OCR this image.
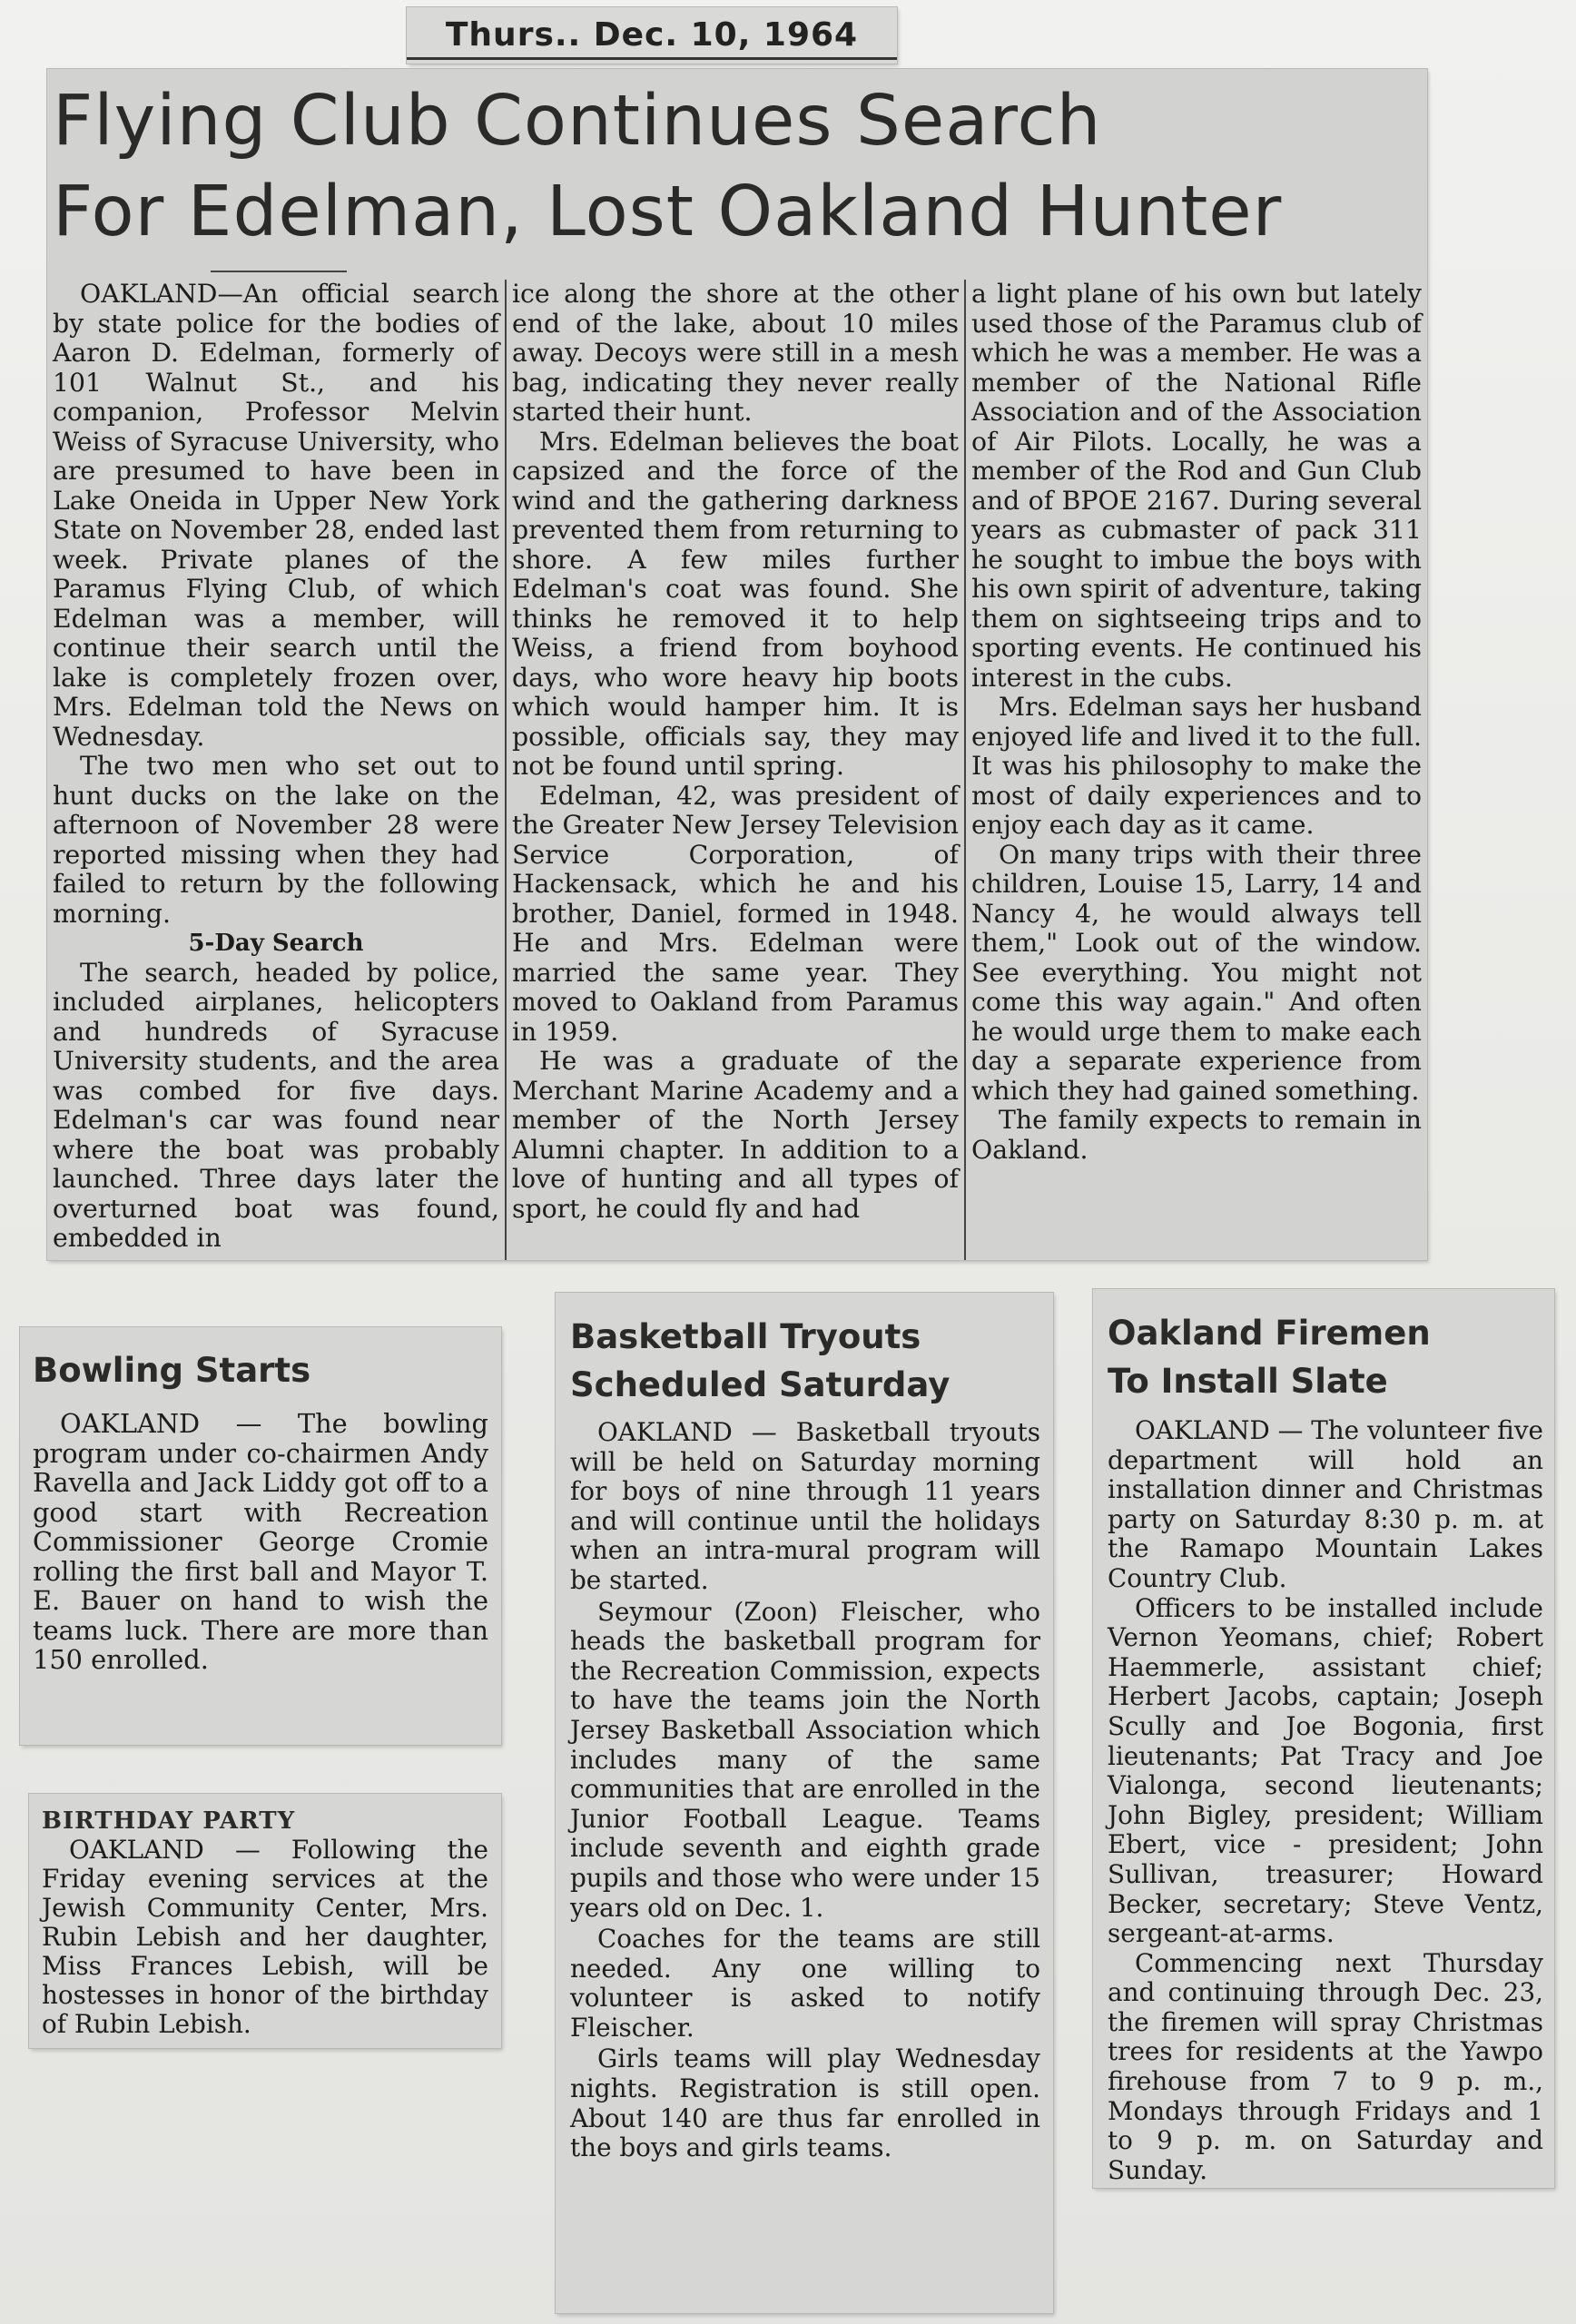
Thurs.. Dec. 10, 1964
Flying Club Continues Search
For Edelman, Lost Oakland Hunter

OAKLAND—An official search by state police for the bodies of Aaron D. Edelman, formerly of 101 Walnut St., and his companion, Professor Melvin Weiss of Syracuse University, who are presumed to have been in Lake Oneida in Upper New York State on November 28, ended last week. Private planes of the Paramus Flying Club, of which Edelman was a member, will continue their search until the lake is completely frozen over, Mrs. Edelman told the News on Wednesday.

The two men who set out to hunt ducks on the lake on the afternoon of November 28 were reported missing when they had failed to return by the following morning.

5-Day Search

The search, headed by police, included airplanes, helicopters and hundreds of Syracuse University students, and the area was combed for five days. Edelman's car was found near where the boat was probably launched. Three days later the overturned boat was found, embedded in

ice along the shore at the other end of the lake, about 10 miles away. Decoys were still in a mesh bag, indicating they never really started their hunt.

Mrs. Edelman believes the boat capsized and the force of the wind and the gathering darkness prevented them from returning to shore. A few miles further Edelman's coat was found. She thinks he removed it to help Weiss, a friend from boyhood days, who wore heavy hip boots which would hamper him. It is possible, officials say, they may not be found until spring.

Edelman, 42, was president of the Greater New Jersey Television Service Corporation, of Hackensack, which he and his brother, Daniel, formed in 1948. He and Mrs. Edelman were married the same year. They moved to Oakland from Paramus in 1959.

He was a graduate of the Merchant Marine Academy and a member of the North Jersey Alumni chapter. In addition to a love of hunting and all types of sport, he could fly and had

a light plane of his own but lately used those of the Paramus club of which he was a member. He was a member of the National Rifle Association and of the Association of Air Pilots. Locally, he was a member of the Rod and Gun Club and of BPOE 2167. During several years as cubmaster of pack 311 he sought to imbue the boys with his own spirit of adventure, taking them on sightseeing trips and to sporting events. He continued his interest in the cubs.

Mrs. Edelman says her husband enjoyed life and lived it to the full. It was his philosophy to make the most of daily experiences and to enjoy each day as it came.

On many trips with their three children, Louise 15, Larry, 14 and Nancy 4, he would always tell them," Look out of the window. See everything. You might not come this way again." And often he would urge them to make each day a separate experience from which they had gained something.

The family expects to remain in Oakland.

Bowling Starts

OAKLAND — The bowling program under co-chairmen Andy Ravella and Jack Liddy got off to a good start with Recreation Commissioner George Cromie rolling the first ball and Mayor T. E. Bauer on hand to wish the teams luck. There are more than 150 enrolled.

BIRTHDAY PARTY

OAKLAND — Following the Friday evening services at the Jewish Community Center, Mrs. Rubin Lebish and her daughter, Miss Frances Lebish, will be hostesses in honor of the birthday of Rubin Lebish.

Basketball Tryouts
Scheduled Saturday

OAKLAND — Basketball tryouts will be held on Saturday morning for boys of nine through 11 years and will continue until the holidays when an intra-mural program will be started.

Seymour (Zoon) Fleischer, who heads the basketball program for the Recreation Commission, expects to have the teams join the North Jersey Basketball Association which includes many of the same communities that are enrolled in the Junior Football League. Teams include seventh and eighth grade pupils and those who were under 15 years old on Dec. 1.

Coaches for the teams are still needed. Any one willing to volunteer is asked to notify Fleischer.

Girls teams will play Wednesday nights. Registration is still open. About 140 are thus far enrolled in the boys and girls teams.

Oakland Firemen
To Install Slate

OAKLAND — The volunteer five department will hold an installation dinner and Christmas party on Saturday 8:30 p. m. at the Ramapo Mountain Lakes Country Club.

Officers to be installed include Vernon Yeomans, chief; Robert Haemmerle, assistant chief; Herbert Jacobs, captain; Joseph Scully and Joe Bogonia, first lieutenants; Pat Tracy and Joe Vialonga, second lieutenants; John Bigley, president; William Ebert, vice - president; John Sullivan, treasurer; Howard Becker, secretary; Steve Ventz, sergeant-at-arms.

Commencing next Thursday and continuing through Dec. 23, the firemen will spray Christmas trees for residents at the Yawpo firehouse from 7 to 9 p. m., Mondays through Fridays and 1 to 9 p. m. on Saturday and Sunday.
